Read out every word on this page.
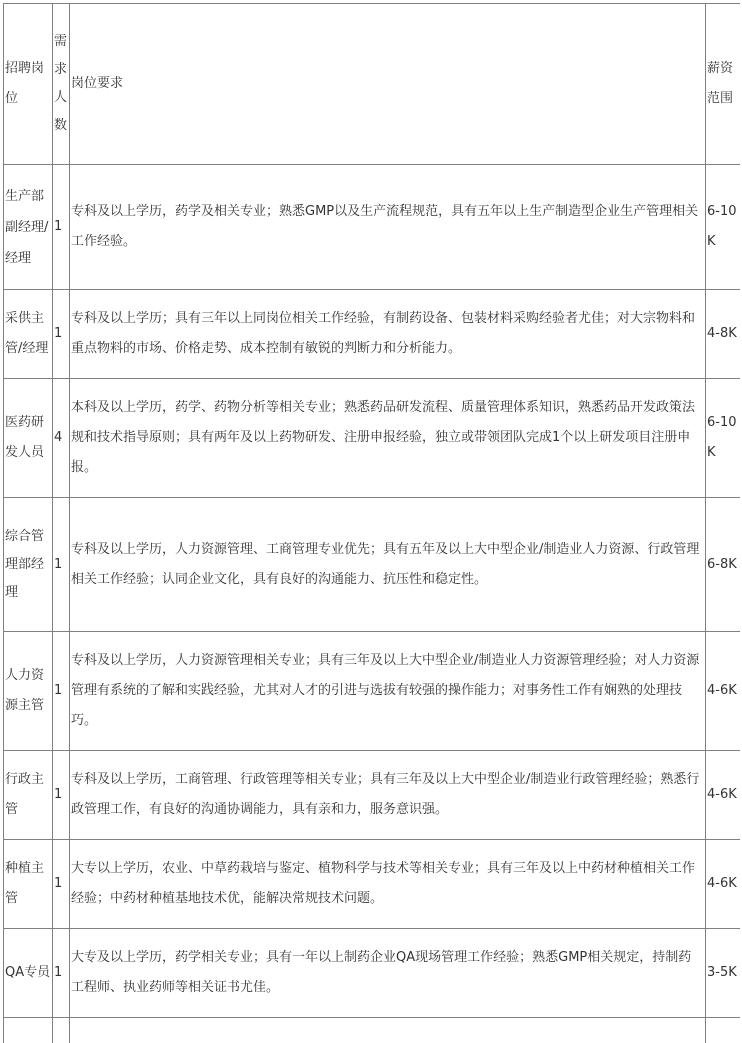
招聘岗位	需求人数	岗位要求	薪资范围
生产部副经理/经理	1	专科及以上学历，药学及相关专业；熟悉GMP以及生产流程规范，具有五年以上生产制造型企业生产管理相关工作经验。	6-10K
采供主管/经理	1	专科及以上学历；具有三年以上同岗位相关工作经验，有制药设备、包装材料采购经验者尤佳；对大宗物料和重点物料的市场、价格走势、成本控制有敏锐的判断力和分析能力。	4-8K
医药研发人员	4	本科及以上学历，药学、药物分析等相关专业；熟悉药品研发流程、质量管理体系知识，熟悉药品开发政策法规和技术指导原则；具有两年及以上药物研发、注册申报经验，独立或带领团队完成1个以上研发项目注册申报。	6-10K
综合管理部经理	1	专科及以上学历，人力资源管理、工商管理专业优先；具有五年及以上大中型企业/制造业人力资源、行政管理相关工作经验；认同企业文化，具有良好的沟通能力、抗压性和稳定性。	6-8K
人力资源主管	1	专科及以上学历，人力资源管理相关专业；具有三年及以上大中型企业/制造业人力资源管理经验；对人力资源管理有系统的了解和实践经验，尤其对人才的引进与选拔有较强的操作能力；对事务性工作有娴熟的处理技巧。	4-6K
行政主管	1	专科及以上学历，工商管理、行政管理等相关专业；具有三年及以上大中型企业/制造业行政管理经验；熟悉行政管理工作，有良好的沟通协调能力，具有亲和力，服务意识强。	4-6K
种植主管	1	大专以上学历，农业、中草药栽培与鉴定、植物科学与技术等相关专业；具有三年及以上中药材种植相关工作经验；中药材种植基地技术优，能解决常规技术问题。	4-6K
QA专员	1	大专及以上学历，药学相关专业；具有一年以上制药企业QA现场管理工作经验；熟悉GMP相关规定，持制药工程师、执业药师等相关证书尤佳。	3-5K
